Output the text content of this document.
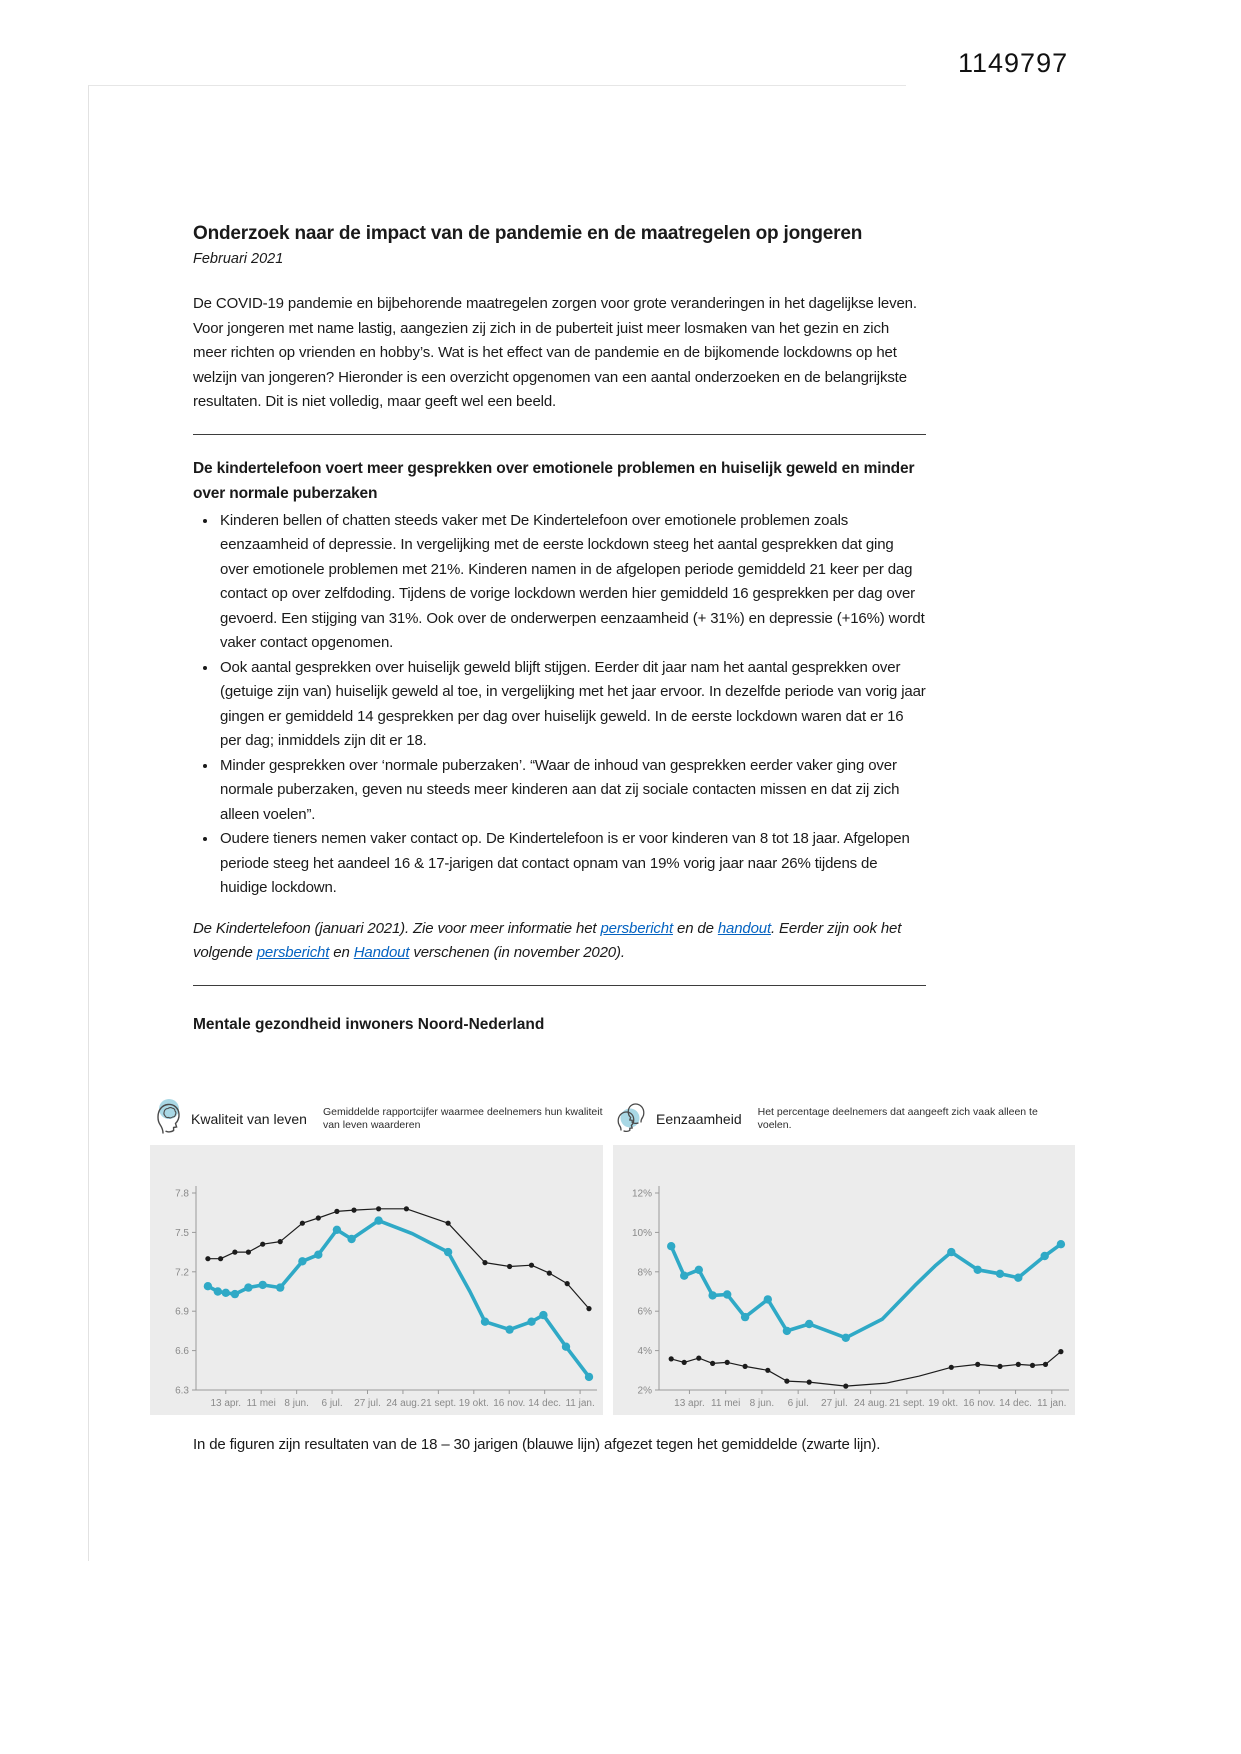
1149797
Onderzoek naar de impact van de pandemie en de maatregelen op jongeren
Februari 2021

De COVID-19 pandemie en bijbehorende maatregelen zorgen voor grote veranderingen in het dagelijkse leven. Voor jongeren met name lastig, aangezien zij zich in de puberteit juist meer losmaken van het gezin en zich meer richten op vrienden en hobby’s. Wat is het effect van de pandemie en de bijkomende lockdowns op het welzijn van jongeren? Hieronder is een overzicht opgenomen van een aantal onderzoeken en de belangrijkste resultaten. Dit is niet volledig, maar geeft wel een beeld.

De kindertelefoon voert meer gesprekken over emotionele problemen en huiselijk geweld en minder over normale puberzaken
• Kinderen bellen of chatten steeds vaker met De Kindertelefoon over emotionele problemen zoals eenzaamheid of depressie. In vergelijking met de eerste lockdown steeg het aantal gesprekken dat ging over emotionele problemen met 21%. Kinderen namen in de afgelopen periode gemiddeld 21 keer per dag contact op over zelfdoding. Tijdens de vorige lockdown werden hier gemiddeld 16 gesprekken per dag over gevoerd. Een stijging van 31%. Ook over de onderwerpen eenzaamheid (+ 31%) en depressie (+16%) wordt vaker contact opgenomen.
• Ook aantal gesprekken over huiselijk geweld blijft stijgen. Eerder dit jaar nam het aantal gesprekken over (getuige zijn van) huiselijk geweld al toe, in vergelijking met het jaar ervoor. In dezelfde periode van vorig jaar gingen er gemiddeld 14 gesprekken per dag over huiselijk geweld. In de eerste lockdown waren dat er 16 per dag; inmiddels zijn dit er 18.
• Minder gesprekken over ‘normale puberzaken’. “Waar de inhoud van gesprekken eerder vaker ging over normale puberzaken, geven nu steeds meer kinderen aan dat zij sociale contacten missen en dat zij zich alleen voelen”.
• Oudere tieners nemen vaker contact op. De Kindertelefoon is er voor kinderen van 8 tot 18 jaar. Afgelopen periode steeg het aandeel 16 & 17-jarigen dat contact opnam van 19% vorig jaar naar 26% tijdens de huidige lockdown.

De Kindertelefoon (januari 2021). Zie voor meer informatie het persbericht en de handout. Eerder zijn ook het volgende persbericht en Handout verschenen (in november 2020).

Mentale gezondheid inwoners Noord-Nederland
Kwaliteit van leven Gemiddelde rapportcijfer waarmee deelnemers hun kwaliteit van leven waarderen
7.8
7.5
7.2
6.9
6.6
6.3
13 apr. 11 mei 8 jun. 6 jul. 27 jul. 24 aug. 21 sept. 19 okt. 16 nov. 14 dec. 11 jan.
Eenzaamheid Het percentage deelnemers dat aangeeft zich vaak alleen te voelen.
12%
10%
8%
6%
4%
2%
13 apr. 11 mei 8 jun. 6 jul. 27 jul. 24 aug. 21 sept. 19 okt. 16 nov. 14 dec. 11 jan.

In de figuren zijn resultaten van de 18 – 30 jarigen (blauwe lijn) afgezet tegen het gemiddelde (zwarte lijn).
